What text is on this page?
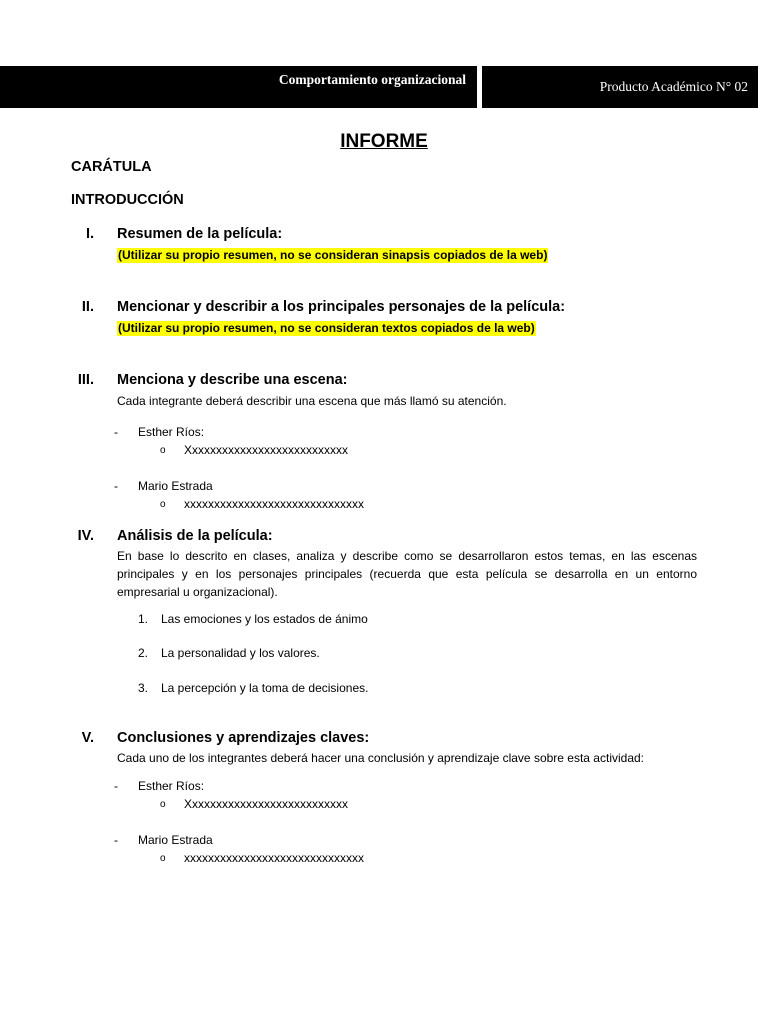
Comportamiento organizacional	Producto Académico N° 02
INFORME
CARÁTULA
INTRODUCCIÓN
I. Resumen de la película:
(Utilizar su propio resumen, no se consideran sinapsis copiados de la web)
II. Mencionar y describir a los principales personajes de la película:
(Utilizar su propio resumen, no se consideran textos copiados de la web)
III. Menciona y describe una escena:
Cada integrante deberá describir una escena que más llamó su atención.
- Esther Ríos:
o Xxxxxxxxxxxxxxxxxxxxxxxxxxx
- Mario Estrada
o xxxxxxxxxxxxxxxxxxxxxxxxxxxxxx
IV. Análisis de la película:
En base lo descrito en clases, analiza y describe como se desarrollaron estos temas, en las escenas principales y en los personajes principales (recuerda que esta película se desarrolla en un entorno empresarial u organizacional).
1. Las emociones y los estados de ánimo
2. La personalidad y los valores.
3. La percepción y la toma de decisiones.
V. Conclusiones y aprendizajes claves:
Cada uno de los integrantes deberá hacer una conclusión y aprendizaje clave sobre esta actividad:
- Esther Ríos:
o Xxxxxxxxxxxxxxxxxxxxxxxxxxx
- Mario Estrada
o xxxxxxxxxxxxxxxxxxxxxxxxxxxxxx
